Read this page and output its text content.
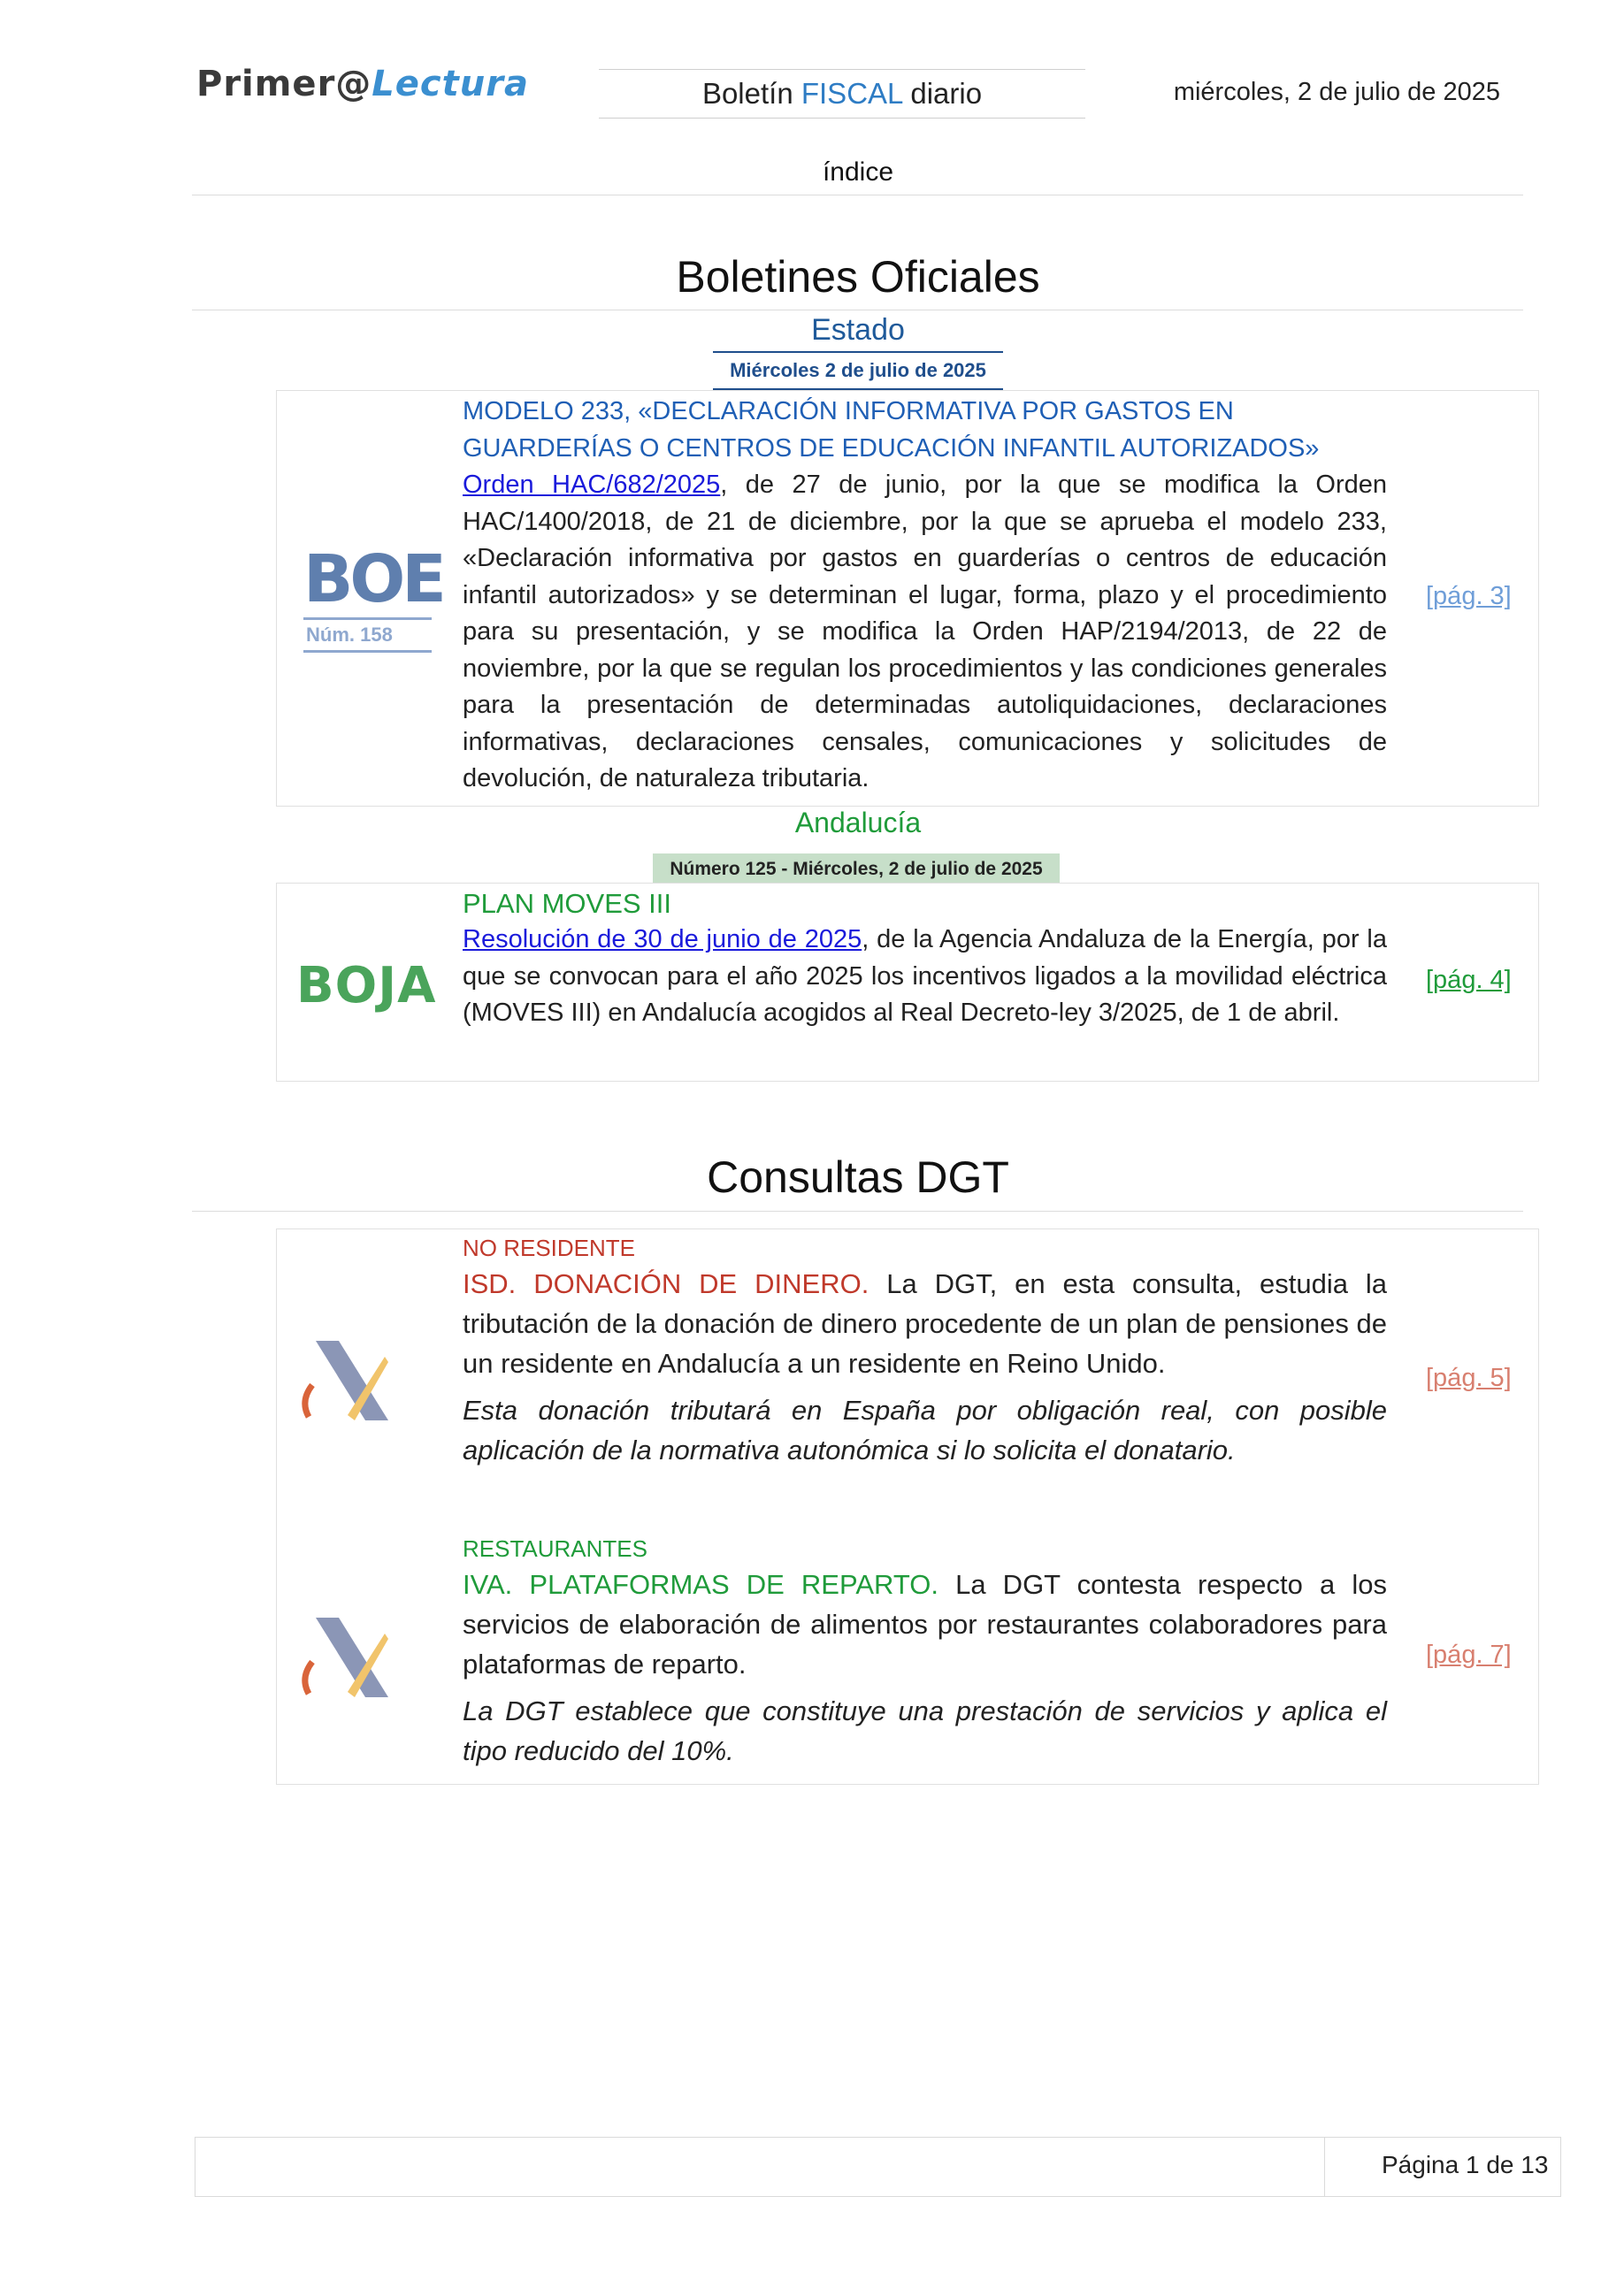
Primer@Lectura	Boletín FISCAL diario	miércoles, 2 de julio de 2025
índice
Boletines Oficiales
Estado
Miércoles 2 de julio de 2025
BOE
Núm. 158
MODELO 233, «DECLARACIÓN INFORMATIVA POR GASTOS EN GUARDERÍAS O CENTROS DE EDUCACIÓN INFANTIL AUTORIZADOS»
Orden HAC/682/2025, de 27 de junio, por la que se modifica la Orden HAC/1400/2018, de 21 de diciembre, por la que se aprueba el modelo 233, «Declaración informativa por gastos en guarderías o centros de educación infantil autorizados» y se determinan el lugar, forma, plazo y el procedimiento para su presentación, y se modifica la Orden HAP/2194/2013, de 22 de noviembre, por la que se regulan los procedimientos y las condiciones generales para la presentación de determinadas autoliquidaciones, declaraciones informativas, declaraciones censales, comunicaciones y solicitudes de devolución, de naturaleza tributaria.
[pág. 3]
Andalucía
Número 125 - Miércoles, 2 de julio de 2025
BOJA
PLAN MOVES III
Resolución de 30 de junio de 2025, de la Agencia Andaluza de la Energía, por la que se convocan para el año 2025 los incentivos ligados a la movilidad eléctrica (MOVES III) en Andalucía acogidos al Real Decreto-ley 3/2025, de 1 de abril.
[pág. 4]
Consultas DGT
NO RESIDENTE
ISD. DONACIÓN DE DINERO. La DGT, en esta consulta, estudia la tributación de la donación de dinero procedente de un plan de pensiones de un residente en Andalucía a un residente en Reino Unido.
Esta donación tributará en España por obligación real, con posible aplicación de la normativa autonómica si lo solicita el donatario.
[pág. 5]
RESTAURANTES
IVA. PLATAFORMAS DE REPARTO. La DGT contesta respecto a los servicios de elaboración de alimentos por restaurantes colaboradores para plataformas de reparto.
La DGT establece que constituye una prestación de servicios y aplica el tipo reducido del 10%.
[pág. 7]
Página 1 de 13
